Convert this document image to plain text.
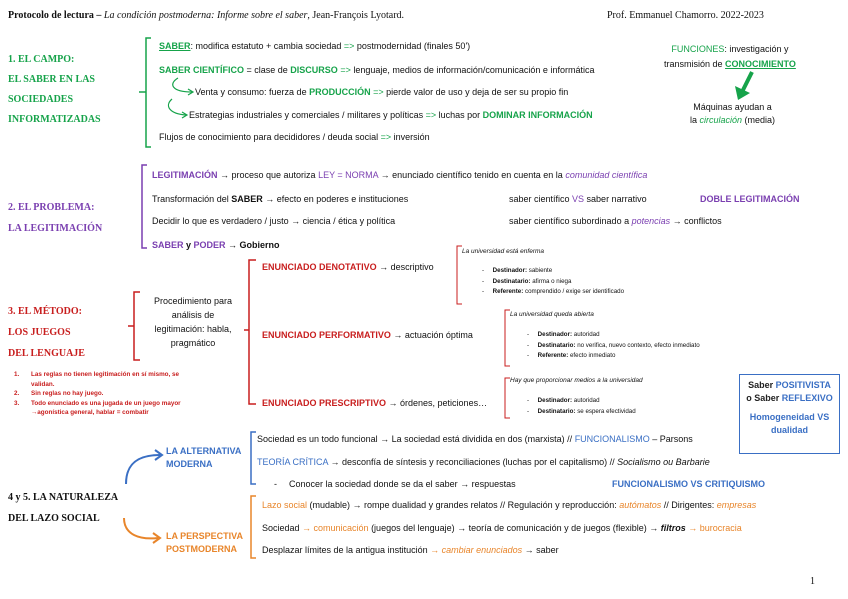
Protocolo de lectura – La condición postmoderna: Informe sobre el saber, Jean-François Lyotard.	Prof. Emmanuel Chamorro. 2022-2023
1. EL CAMPO:
EL SABER EN LAS
SOCIEDADES
INFORMATIZADAS
SABER: modifica estatuto + cambia sociedad => postmodernidad (finales 50')
SABER CIENTÍFICO = clase de DISCURSO => lenguaje, medios de información/comunicación e informática
Venta y consumo: fuerza de PRODUCCIÓN => pierde valor de uso y deja de ser su propio fin
Estrategias industriales y comerciales / militares y políticas => luchas por DOMINAR INFORMACIÓN
Flujos de conocimiento para decididores / deuda social => inversión
FUNCIONES: investigación y
transmisión de CONOCIMIENTO
Máquinas ayudan a
la circulación (media)
2. EL PROBLEMA:
LA LEGITIMACIÓN
LEGITIMACIÓN → proceso que autoriza LEY = NORMA → enunciado científico tenido en cuenta en la comunidad científica
Transformación del SABER → efecto en poderes e instituciones	saber científico VS saber narrativo	DOBLE LEGITIMACIÓN
Decidir lo que es verdadero / justo → ciencia / ética y política	saber científico subordinado a potencias → conflictos
SABER y PODER → Gobierno
3. EL MÉTODO:
LOS JUEGOS
DEL LENGUAJE
1. Las reglas no tienen legitimación en sí mismo, se
validan.
2. Sin reglas no hay juego.
3. Todo enunciado es una jugada de un juego mayor
→agonística general, hablar = combatir
Procedimiento para
análisis de
legitimación: habla,
pragmático
ENUNCIADO DENOTATIVO → descriptivo
La universidad está enferma
-     Destinador: sabiente
-     Destinatario: afirma o niega
-     Referente: comprendido / exige ser identificado
ENUNCIADO PERFORMATIVO → actuación óptima
La universidad queda abierta
-     Destinador: autoridad
-     Destinatario: no verifica, nuevo contexto, efecto inmediato
-     Referente: efecto inmediato
ENUNCIADO PRESCRIPTIVO → órdenes, peticiones…
Hay que proporcionar medios a la universidad
-     Destinador: autoridad
-     Destinatario: se espera efectividad
Saber POSITIVISTA
o Saber REFLEXIVO
Homogeneidad VS
dualidad
4 y 5. LA NATURALEZA
DEL LAZO SOCIAL
LA ALTERNATIVA
MODERNA
LA PERSPECTIVA
POSTMODERNA
Sociedad es un todo funcional → La sociedad está dividida en dos (marxista) // FUNCIONALISMO – Parsons
TEORÍA CRÍTICA → desconfía de síntesis y reconciliaciones (luchas por el capitalismo) // Socialismo ou Barbarie
- Conocer la sociedad donde se da el saber → respuestas	FUNCIONALISMO VS CRITIQUISMO
Lazo social (mudable) → rompe dualidad y grandes relatos // Regulación y reproducción: autómatos // Dirigentes: empresas
Sociedad → comunicación (juegos del lenguaje) → teoría de comunicación y de juegos (flexible) → filtros → burocracia
Desplazar límites de la antigua institución → cambiar enunciados → saber
1
